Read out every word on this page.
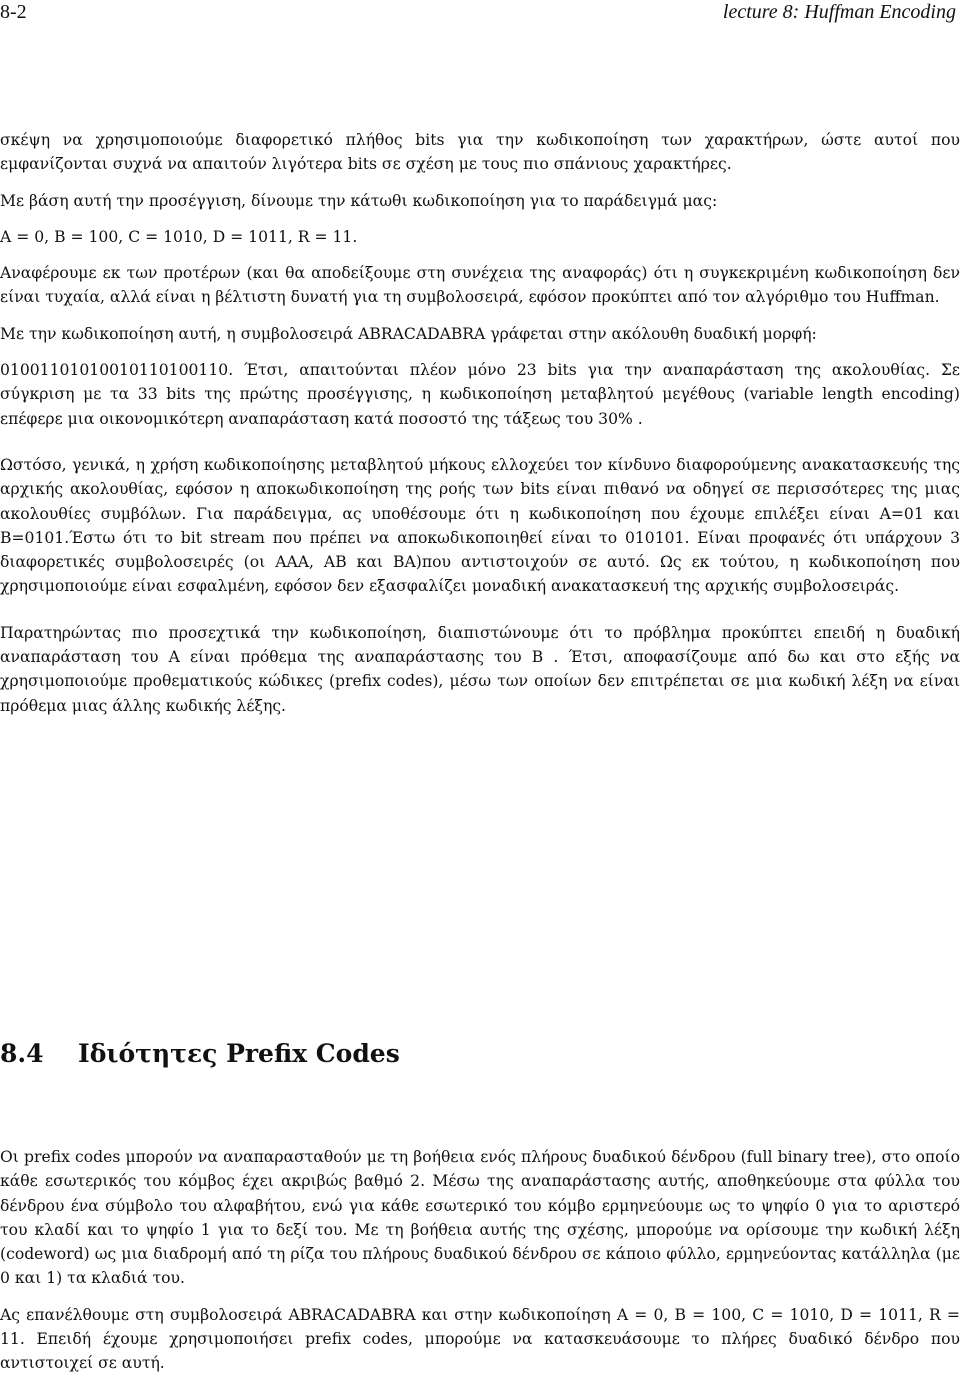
8-2	lecture 8: Huffman Encoding

σκέψη να χρησιμοποιούμε διαφορετικό πλήθος bits για την κωδικοποίηση των χαρακτήρων, ώστε αυτοί που εμφανίζονται συχνά να απαιτούν λιγότερα bits σε σχέση με τους πιο σπάνιους χαρακτήρες.

Με βάση αυτή την προσέγγιση, δίνουμε την κάτωθι κωδικοποίηση για το παράδειγμά μας:

A = 0, B = 100, C = 1010, D = 1011, R = 11.

Αναφέρουμε εκ των προτέρων (και θα αποδείξουμε στη συνέχεια της αναφοράς) ότι η συγκεκριμένη κωδικοποίηση δεν είναι τυχαία, αλλά είναι η βέλτιστη δυνατή για τη συμβολοσειρά, εφόσον προκύπτει από τον αλγόριθμο του Huffman.

Με την κωδικοποίηση αυτή, η συμβολοσειρά ABRACADABRA γράφεται στην ακόλουθη δυαδική μορφή:

01001101010010110100110. Έτσι, απαιτούνται πλέον μόνο 23 bits για την αναπαράσταση της ακολουθίας. Σε σύγκριση με τα 33 bits της πρώτης προσέγγισης, η κωδικοποίηση μεταβλητού μεγέθους (variable length encoding) επέφερε μια οικονομικότερη αναπαράσταση κατά ποσοστό της τάξεως του 30% .

Ωστόσο, γενικά, η χρήση κωδικοποίησης μεταβλητού μήκους ελλοχεύει τον κίνδυνο διαφορούμενης ανακατασκευής της αρχικής ακολουθίας, εφόσον η αποκωδικοποίηση της ροής των bits είναι πιθανό να οδηγεί σε περισσότερες της μιας ακολουθίες συμβόλων. Για παράδειγμα, ας υποθέσουμε ότι η κωδικοποίηση που έχουμε επιλέξει είναι A=01 και B=0101.Έστω ότι το bit stream που πρέπει να αποκωδικοποιηθεί είναι το 010101. Είναι προφανές ότι υπάρχουν 3 διαφορετικές συμβολοσειρές (οι AAA, AB και BA)που αντιστοιχούν σε αυτό. Ως εκ τούτου, η κωδικοποίηση που χρησιμοποιούμε είναι εσφαλμένη, εφόσον δεν εξασφαλίζει μοναδική ανακατασκευή της αρχικής συμβολοσειράς.

Παρατηρώντας πιο προσεχτικά την κωδικοποίηση, διαπιστώνουμε ότι το πρόβλημα προκύπτει επειδή η δυαδική αναπαράσταση του A είναι πρόθεμα της αναπαράστασης του B . Έτσι, αποφασίζουμε από δω και στο εξής να χρησιμοποιούμε προθεματικούς κώδικες (prefix codes), μέσω των οποίων δεν επιτρέπεται σε μια κωδική λέξη να είναι πρόθεμα μιας άλλης κωδικής λέξης.

8.4 Ιδιότητες Prefix Codes

Οι prefix codes μπορούν να αναπαρασταθούν με τη βοήθεια ενός πλήρους δυαδικού δένδρου (full binary tree), στο οποίο κάθε εσωτερικός του κόμβος έχει ακριβώς βαθμό 2. Μέσω της αναπαράστασης αυτής, αποθηκεύουμε στα φύλλα του δένδρου ένα σύμβολο του αλφαβήτου, ενώ για κάθε εσωτερικό του κόμβο ερμηνεύουμε ως το ψηφίο 0 για το αριστερό του κλαδί και το ψηφίο 1 για το δεξί του. Με τη βοήθεια αυτής της σχέσης, μπορούμε να ορίσουμε την κωδική λέξη (codeword) ως μια διαδρομή από τη ρίζα του πλήρους δυαδικού δένδρου σε κάποιο φύλλο, ερμηνεύοντας κατάλληλα (με 0 και 1) τα κλαδιά του.

Ας επανέλθουμε στη συμβολοσειρά ABRACADABRA και στην κωδικοποίηση A = 0, B = 100, C = 1010, D = 1011, R = 11. Επειδή έχουμε χρησιμοποιήσει prefix codes, μπορούμε να κατασκευάσουμε το πλήρες δυαδικό δένδρο που αντιστοιχεί σε αυτή.
